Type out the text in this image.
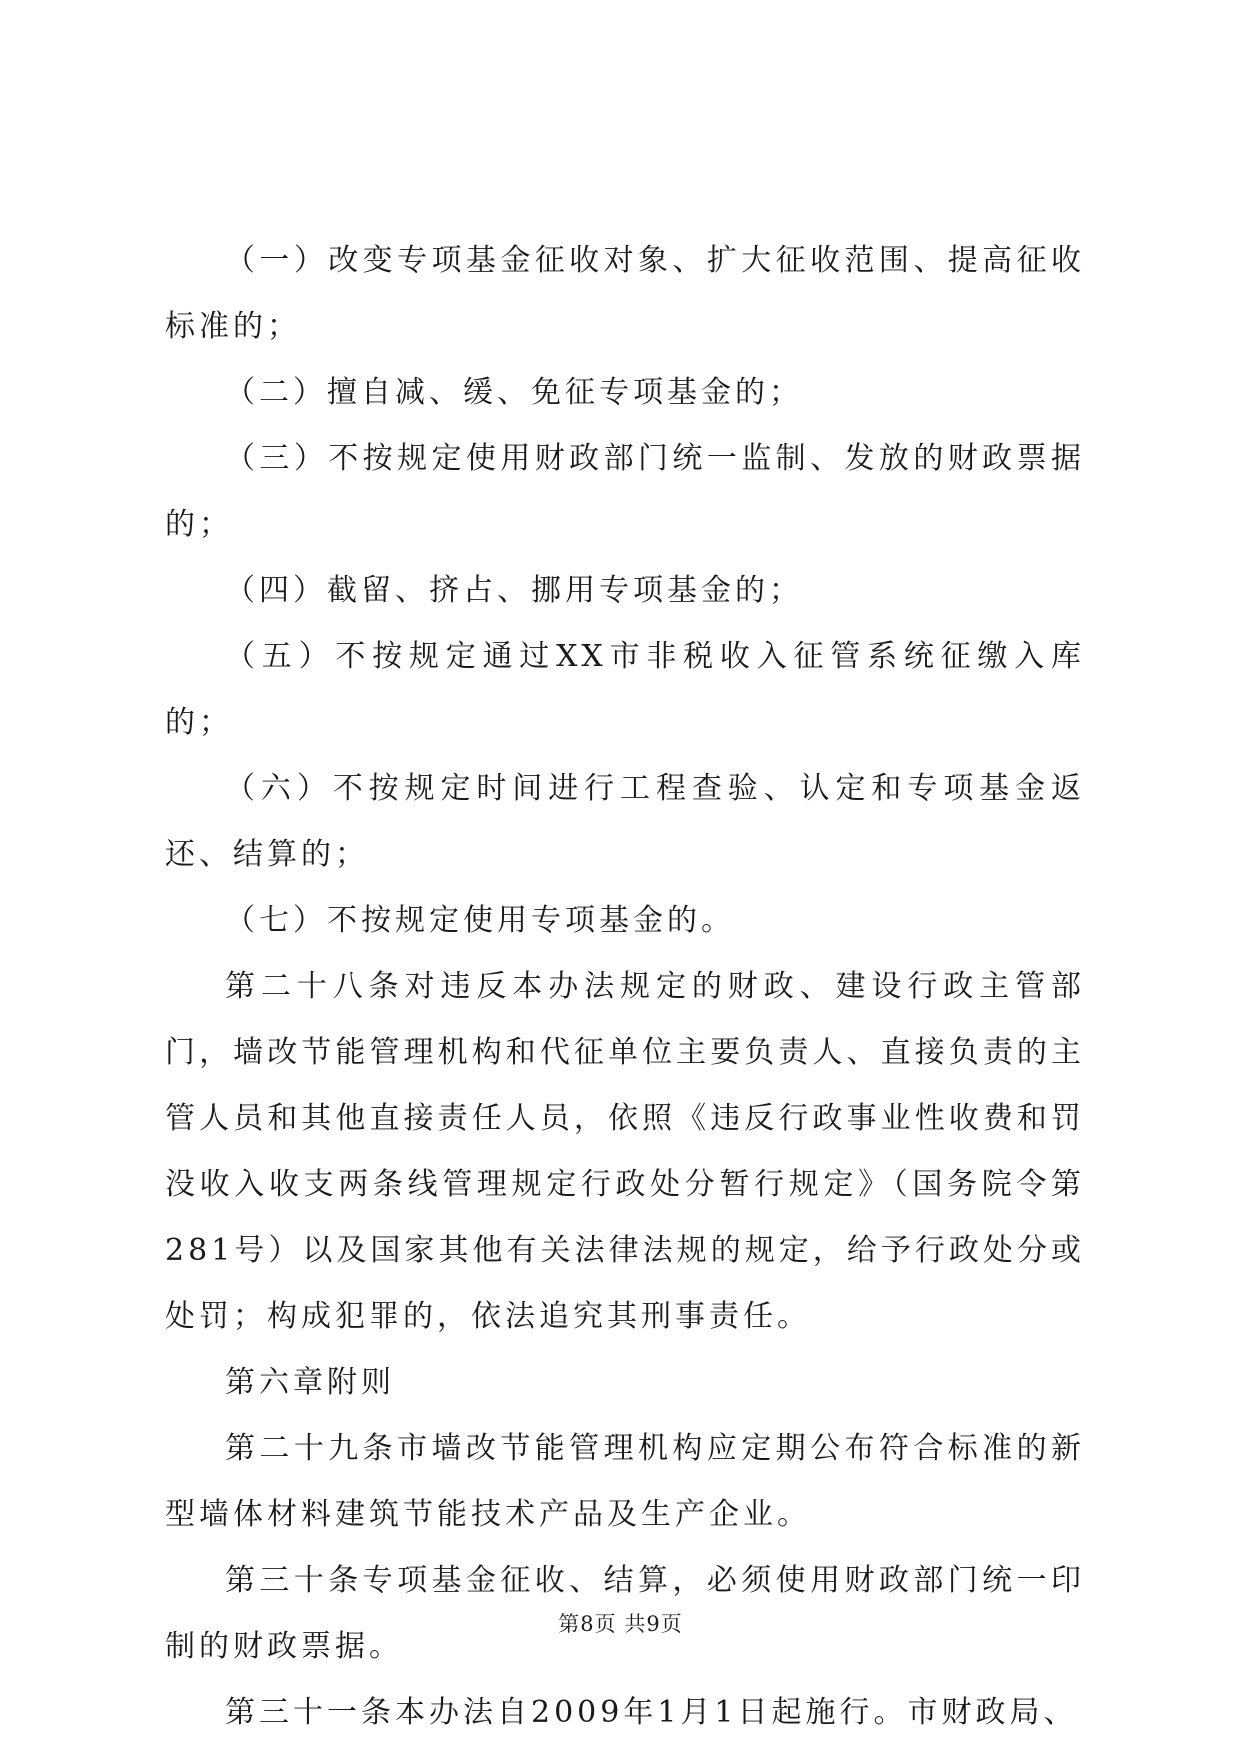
（一）改变专项基金征收对象、扩大征收范围、提高征收标准的；

（二）擅自减、缓、免征专项基金的；

（三）不按规定使用财政部门统一监制、发放的财政票据的；

（四）截留、挤占、挪用专项基金的；

（五）不按规定通过XX市非税收入征管系统征缴入库的；

（六）不按规定时间进行工程查验、认定和专项基金返还、结算的；

（七）不按规定使用专项基金的。

第二十八条对违反本办法规定的财政、建设行政主管部门，墙改节能管理机构和代征单位主要负责人、直接负责的主管人员和其他直接责任人员，依照《违反行政事业性收费和罚没收入收支两条线管理规定行政处分暂行规定》（国务院令第281号）以及国家其他有关法律法规的规定，给予行政处分或处罚；构成犯罪的，依法追究其刑事责任。

第六章附则

第二十九条市墙改节能管理机构应定期公布符合标准的新型墙体材料建筑节能技术产品及生产企业。

第三十条专项基金征收、结算，必须使用财政部门统一印制的财政票据。

第三十一条本办法自2009年1月1日起施行。市财政局、

第8页 共9页
